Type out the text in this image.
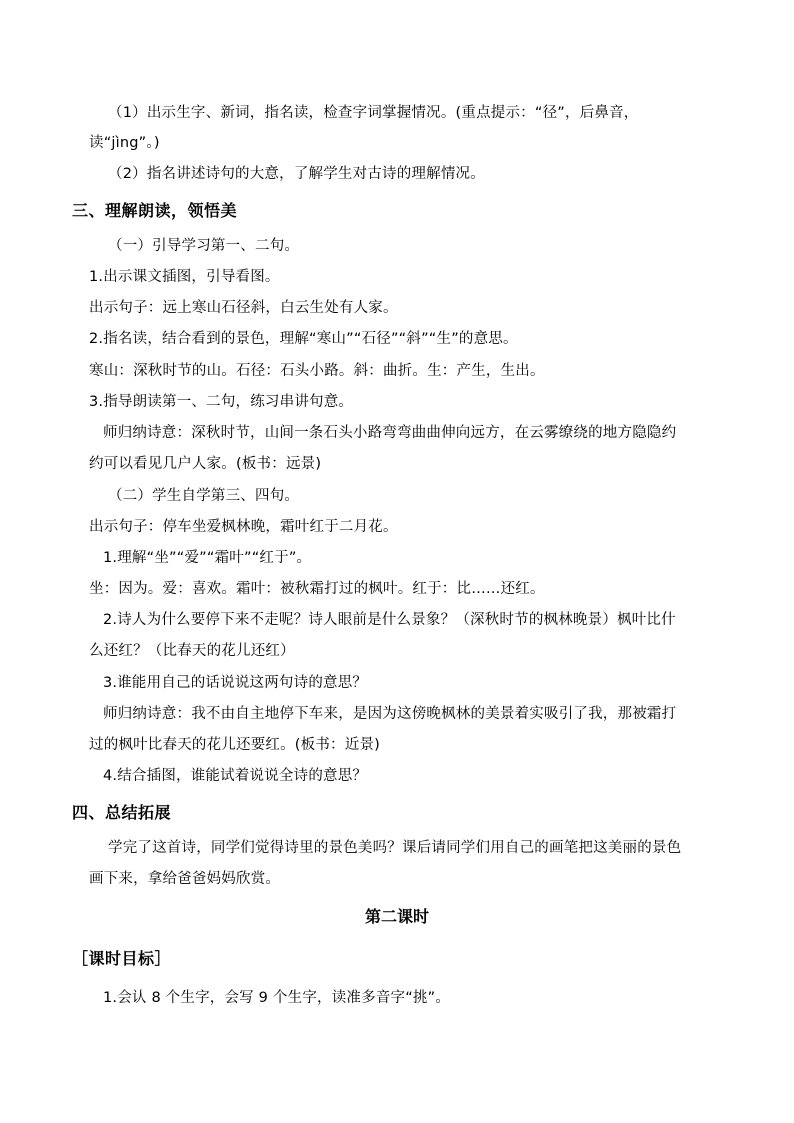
（1）出示生字、新词，指名读，检查字词掌握情况。(重点提示：“径”，后鼻音，
读“jìng”。)
（2）指名讲述诗句的大意，了解学生对古诗的理解情况。
三、理解朗读，领悟美
（一）引导学习第一、二句。
1.出示课文插图，引导看图。
出示句子：远上寒山石径斜，白云生处有人家。
2.指名读，结合看到的景色，理解“寒山”“石径”“斜”“生”的意思。
寒山：深秋时节的山。石径：石头小路。斜：曲折。生：产生，生出。
3.指导朗读第一、二句，练习串讲句意。
师归纳诗意：深秋时节，山间一条石头小路弯弯曲曲伸向远方，在云雾缭绕的地方隐隐约
约可以看见几户人家。(板书：远景)
（二）学生自学第三、四句。
出示句子：停车坐爱枫林晚，霜叶红于二月花。
1.理解“坐”“爱”“霜叶”“红于”。
坐：因为。爱：喜欢。霜叶：被秋霜打过的枫叶。红于：比……还红。
2.诗人为什么要停下来不走呢？诗人眼前是什么景象？（深秋时节的枫林晚景）枫叶比什
么还红？（比春天的花儿还红）
3.谁能用自己的话说说这两句诗的意思？
师归纳诗意：我不由自主地停下车来，是因为这傍晚枫林的美景着实吸引了我，那被霜打
过的枫叶比春天的花儿还要红。(板书：近景)
4.结合插图，谁能试着说说全诗的意思？
四、总结拓展
学完了这首诗，同学们觉得诗里的景色美吗？课后请同学们用自己的画笔把这美丽的景色
画下来，拿给爸爸妈妈欣赏。
第二课时
［课时目标］
1.会认 8 个生字，会写 9 个生字，读准多音字“挑”。
